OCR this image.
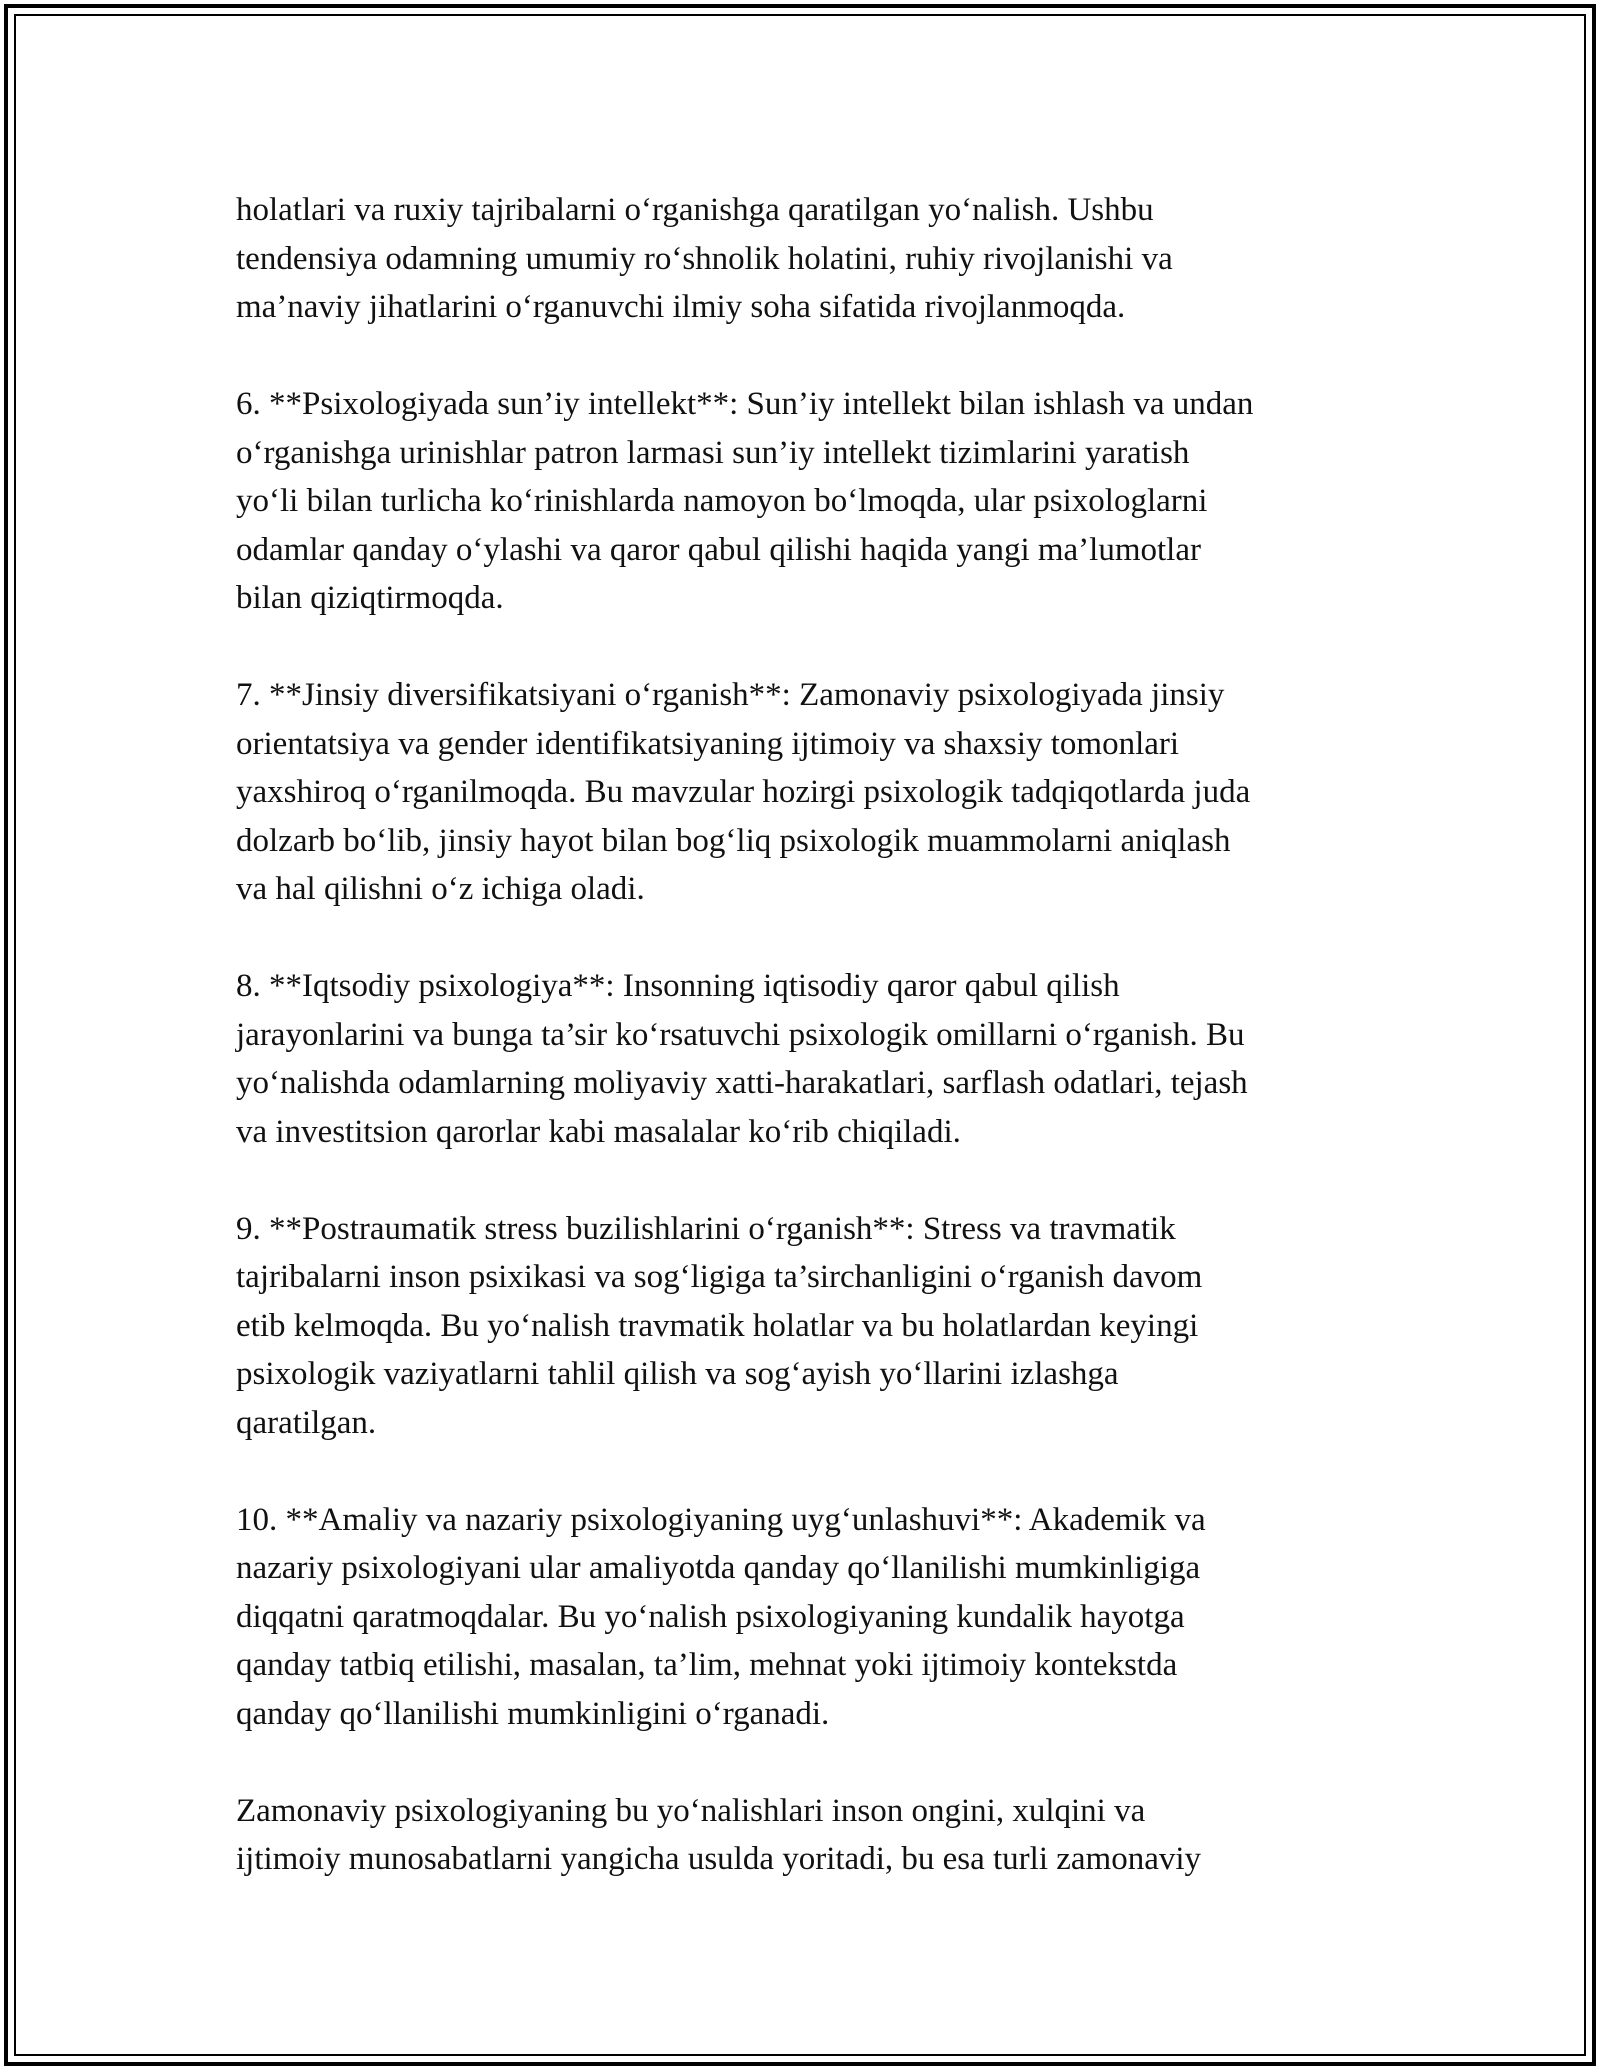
holatlari va ruxiy tajribalarni o‘rganishga qaratilgan yo‘nalish. Ushbu
tendensiya odamning umumiy ro‘shnolik holatini, ruhiy rivojlanishi va
ma’naviy jihatlarini o‘rganuvchi ilmiy soha sifatida rivojlanmoqda.

6. **Psixologiyada sun’iy intellekt**: Sun’iy intellekt bilan ishlash va undan
o‘rganishga urinishlar patron larmasi sun’iy intellekt tizimlarini yaratish
yo‘li bilan turlicha ko‘rinishlarda namoyon bo‘lmoqda, ular psixologlarni
odamlar qanday o‘ylashi va qaror qabul qilishi haqida yangi ma’lumotlar
bilan qiziqtirmoqda.

7. **Jinsiy diversifikatsiyani o‘rganish**: Zamonaviy psixologiyada jinsiy
orientatsiya va gender identifikatsiyaning ijtimoiy va shaxsiy tomonlari
yaxshiroq o‘rganilmoqda. Bu mavzular hozirgi psixologik tadqiqotlarda juda
dolzarb bo‘lib, jinsiy hayot bilan bog‘liq psixologik muammolarni aniqlash
va hal qilishni o‘z ichiga oladi.

8. **Iqtsodiy psixologiya**: Insonning iqtisodiy qaror qabul qilish
jarayonlarini va bunga ta’sir ko‘rsatuvchi psixologik omillarni o‘rganish. Bu
yo‘nalishda odamlarning moliyaviy xatti-harakatlari, sarflash odatlari, tejash
va investitsion qarorlar kabi masalalar ko‘rib chiqiladi.

9. **Postraumatik stress buzilishlarini o‘rganish**: Stress va travmatik
tajribalarni inson psixikasi va sog‘ligiga ta’sirchanligini o‘rganish davom
etib kelmoqda. Bu yo‘nalish travmatik holatlar va bu holatlardan keyingi
psixologik vaziyatlarni tahlil qilish va sog‘ayish yo‘llarini izlashga
qaratilgan.

10. **Amaliy va nazariy psixologiyaning uyg‘unlashuvi**: Akademik va
nazariy psixologiyani ular amaliyotda qanday qo‘llanilishi mumkinligiga
diqqatni qaratmoqdalar. Bu yo‘nalish psixologiyaning kundalik hayotga
qanday tatbiq etilishi, masalan, ta’lim, mehnat yoki ijtimoiy kontekstda
qanday qo‘llanilishi mumkinligini o‘rganadi.

Zamonaviy psixologiyaning bu yo‘nalishlari inson ongini, xulqini va
ijtimoiy munosabatlarni yangicha usulda yoritadi, bu esa turli zamonaviy
